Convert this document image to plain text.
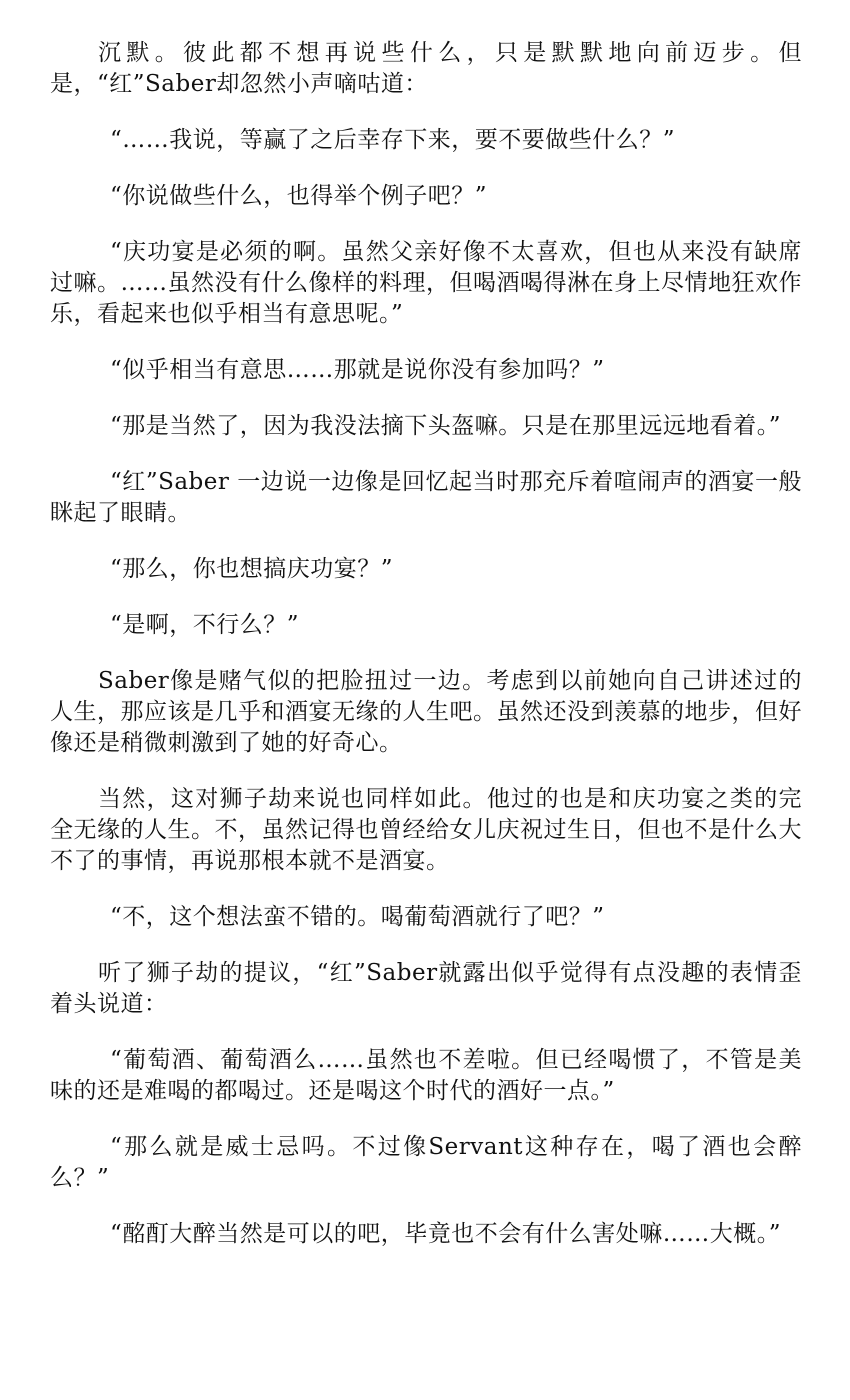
沉默。彼此都不想再说些什么，只是默默地向前迈步。但是，“红”Saber却忽然小声嘀咕道：

“……我说，等赢了之后幸存下来，要不要做些什么？”

“你说做些什么，也得举个例子吧？”

“庆功宴是必须的啊。虽然父亲好像不太喜欢，但也从来没有缺席过嘛。……虽然没有什么像样的料理，但喝酒喝得淋在身上尽情地狂欢作乐，看起来也似乎相当有意思呢。”

“似乎相当有意思……那就是说你没有参加吗？”

“那是当然了，因为我没法摘下头盔嘛。只是在那里远远地看着。”

“红”Saber 一边说一边像是回忆起当时那充斥着喧闹声的酒宴一般眯起了眼睛。

“那么，你也想搞庆功宴？”

“是啊，不行么？”

Saber像是赌气似的把脸扭过一边。考虑到以前她向自己讲述过的人生，那应该是几乎和酒宴无缘的人生吧。虽然还没到羡慕的地步，但好像还是稍微刺激到了她的好奇心。

当然，这对狮子劫来说也同样如此。他过的也是和庆功宴之类的完全无缘的人生。不，虽然记得也曾经给女儿庆祝过生日，但也不是什么大不了的事情，再说那根本就不是酒宴。

“不，这个想法蛮不错的。喝葡萄酒就行了吧？”

听了狮子劫的提议，“红”Saber就露出似乎觉得有点没趣的表情歪着头说道：

“葡萄酒、葡萄酒么……虽然也不差啦。但已经喝惯了，不管是美味的还是难喝的都喝过。还是喝这个时代的酒好一点。”

“那么就是威士忌吗。不过像Servant这种存在，喝了酒也会醉么？”

“酩酊大醉当然是可以的吧，毕竟也不会有什么害处嘛……大概。”
